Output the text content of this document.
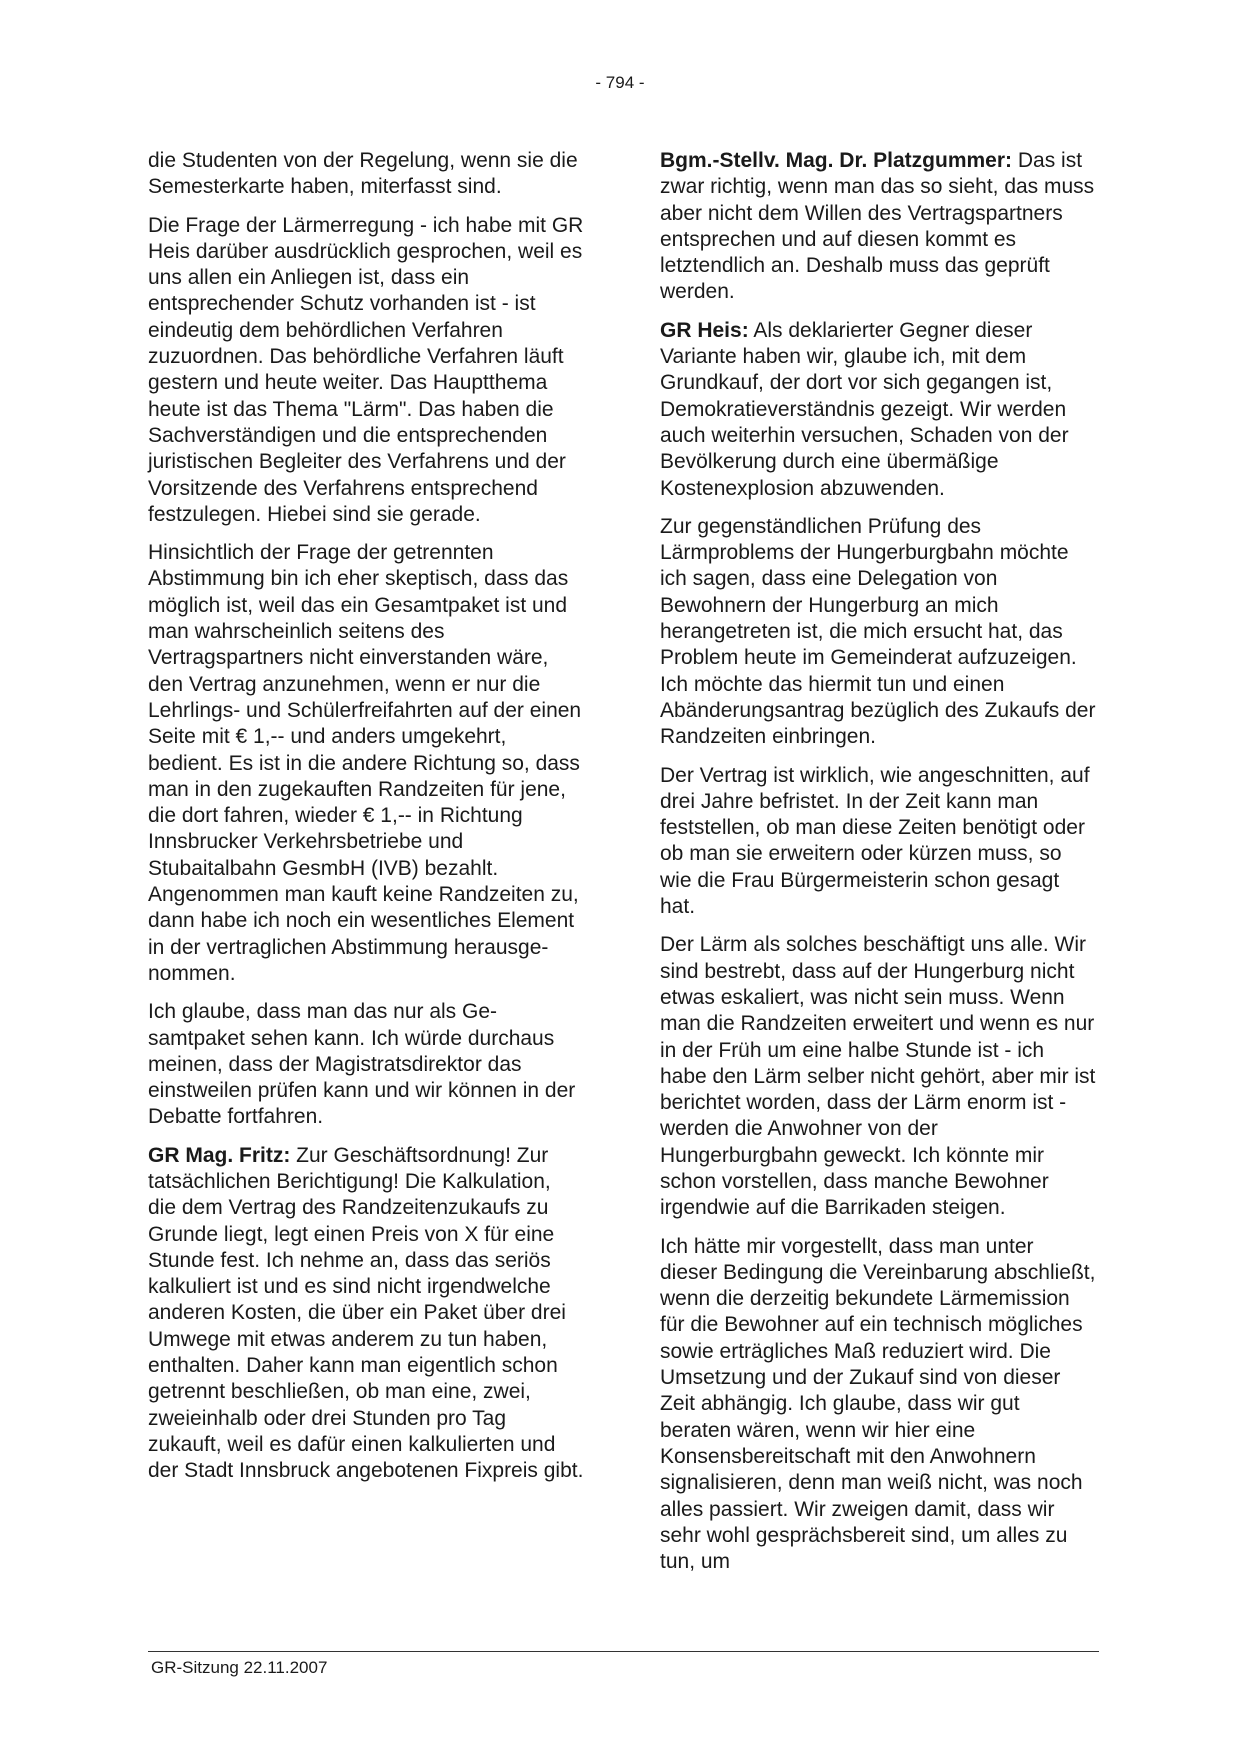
- 794 -

die Studenten von der Regelung, wenn sie die Semesterkarte haben, miterfasst sind.

Die Frage der Lärmerregung - ich habe mit GR Heis darüber ausdrücklich gesprochen, weil es uns allen ein Anliegen ist, dass ein entsprechender Schutz vorhanden ist - ist eindeutig dem behördlichen Verfahren zuzuordnen. Das behördliche Verfahren läuft gestern und heute weiter. Das Hauptthema heute ist das Thema "Lärm". Das haben die Sachverständigen und die entsprechenden juristischen Begleiter des Verfahrens und der Vorsitzende des Verfahrens entsprechend festzulegen. Hiebei sind sie gerade.

Hinsichtlich der Frage der getrennten Abstimmung bin ich eher skeptisch, dass das möglich ist, weil das ein Gesamtpaket ist und man wahrscheinlich seitens des Vertragspartners nicht einverstanden wäre, den Vertrag anzunehmen, wenn er nur die Lehrlings- und Schülerfreifahrten auf der einen Seite mit € 1,-- und anders umgekehrt, bedient. Es ist in die andere Richtung so, dass man in den zugekauften Randzeiten für jene, die dort fahren, wieder € 1,-- in Richtung Innsbrucker Verkehrsbetriebe und Stubaitalbahn GesmbH (IVB) bezahlt. Angenommen man kauft keine Randzeiten zu, dann habe ich noch ein wesentliches Element in der vertraglichen Abstimmung herausgenommen.

Ich glaube, dass man das nur als Gesamtpaket sehen kann. Ich würde durchaus meinen, dass der Magistratsdirektor das einstweilen prüfen kann und wir können in der Debatte fortfahren.

GR Mag. Fritz: Zur Geschäftsordnung! Zur tatsächlichen Berichtigung! Die Kalkulation, die dem Vertrag des Randzeitenzukaufs zu Grunde liegt, legt einen Preis von X für eine Stunde fest. Ich nehme an, dass das seriös kalkuliert ist und es sind nicht irgendwelche anderen Kosten, die über ein Paket über drei Umwege mit etwas anderem zu tun haben, enthalten. Daher kann man eigentlich schon getrennt beschließen, ob man eine, zwei, zweieinhalb oder drei Stunden pro Tag zukauft, weil es dafür einen kalkulierten und der Stadt Innsbruck angebotenen Fixpreis gibt.

Bgm.-Stellv. Mag. Dr. Platzgummer: Das ist zwar richtig, wenn man das so sieht, das muss aber nicht dem Willen des Vertragspartners entsprechen und auf diesen kommt es letztendlich an. Deshalb muss das geprüft werden.

GR Heis: Als deklarierter Gegner dieser Variante haben wir, glaube ich, mit dem Grundkauf, der dort vor sich gegangen ist, Demokratieverständnis gezeigt. Wir werden auch weiterhin versuchen, Schaden von der Bevölkerung durch eine übermäßige Kostenexplosion abzuwenden.

Zur gegenständlichen Prüfung des Lärmproblems der Hungerburgbahn möchte ich sagen, dass eine Delegation von Bewohnern der Hungerburg an mich herangetreten ist, die mich ersucht hat, das Problem heute im Gemeinderat aufzuzeigen. Ich möchte das hiermit tun und einen Abänderungsantrag bezüglich des Zukaufs der Randzeiten einbringen.

Der Vertrag ist wirklich, wie angeschnitten, auf drei Jahre befristet. In der Zeit kann man feststellen, ob man diese Zeiten benötigt oder ob man sie erweitern oder kürzen muss, so wie die Frau Bürgermeisterin schon gesagt hat.

Der Lärm als solches beschäftigt uns alle. Wir sind bestrebt, dass auf der Hungerburg nicht etwas eskaliert, was nicht sein muss. Wenn man die Randzeiten erweitert und wenn es nur in der Früh um eine halbe Stunde ist - ich habe den Lärm selber nicht gehört, aber mir ist berichtet worden, dass der Lärm enorm ist - werden die Anwohner von der Hungerburgbahn geweckt. Ich könnte mir schon vorstellen, dass manche Bewohner irgendwie auf die Barrikaden steigen.

Ich hätte mir vorgestellt, dass man unter dieser Bedingung die Vereinbarung abschließt, wenn die derzeitig bekundete Lärmemission für die Bewohner auf ein technisch mögliches sowie erträgliches Maß reduziert wird. Die Umsetzung und der Zukauf sind von dieser Zeit abhängig. Ich glaube, dass wir gut beraten wären, wenn wir hier eine Konsensbereitschaft mit den Anwohnern signalisieren, denn man weiß nicht, was noch alles passiert. Wir zweigen damit, dass wir sehr wohl gesprächsbereit sind, um alles zu tun, um

GR-Sitzung 22.11.2007
